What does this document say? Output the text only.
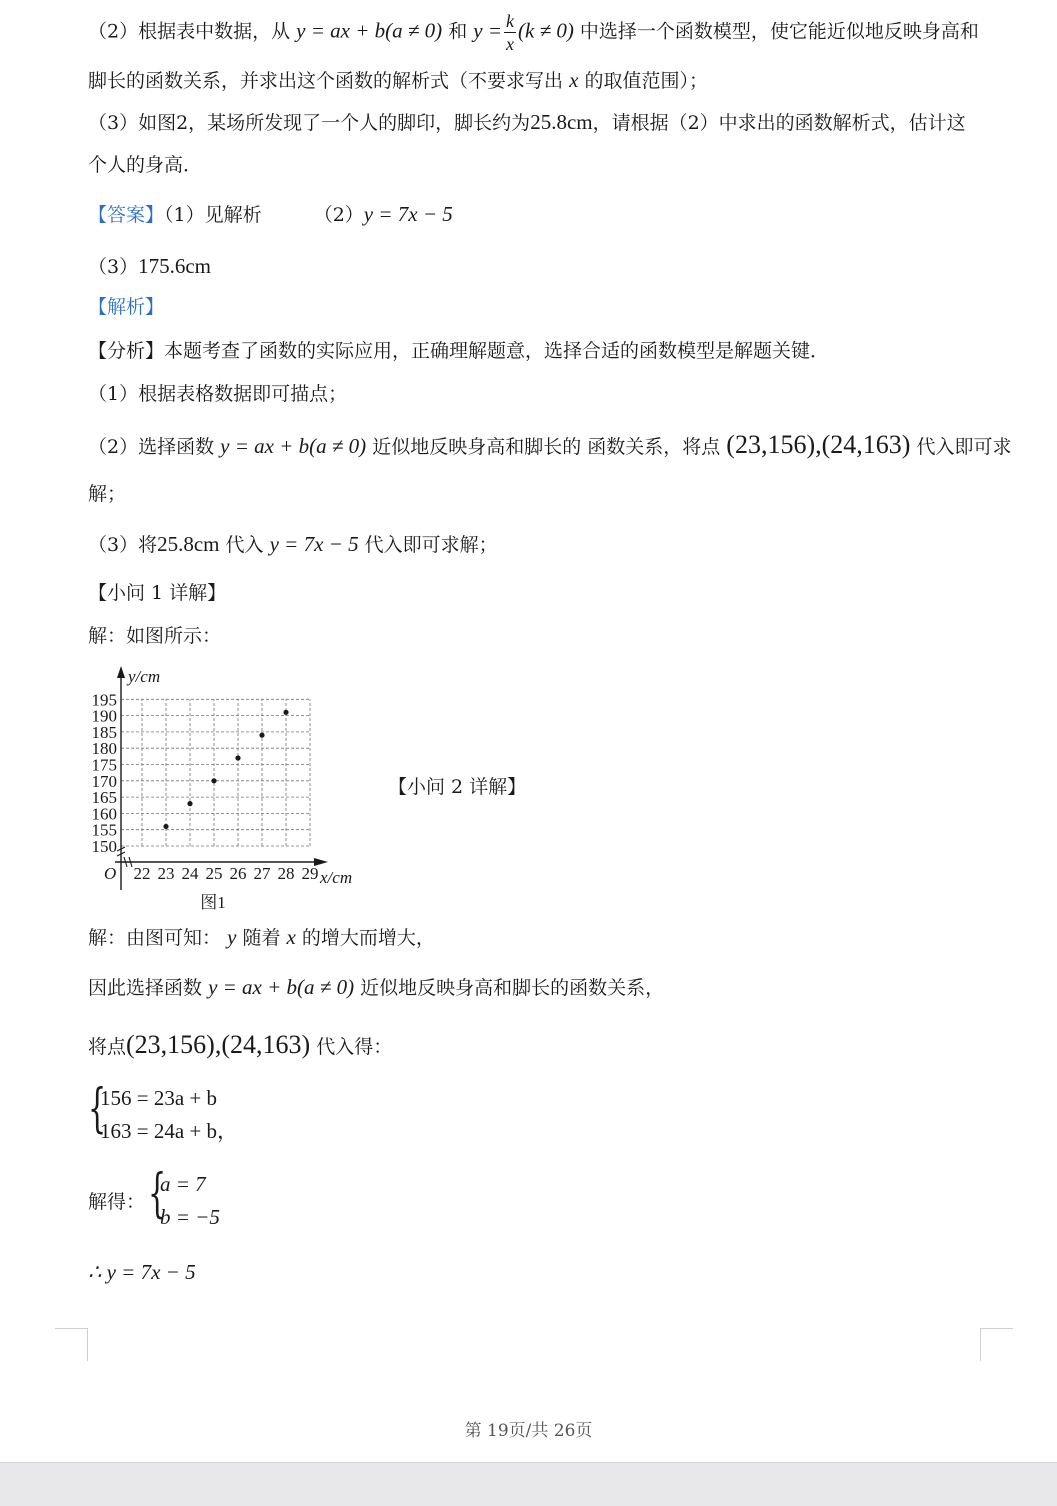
（2）根据表中数据，从 y = ax + b(a ≠ 0) 和 $y = \frac{k}{x} (k \ne 0)$ 中选择一个函数模型，使它能近似地反映身高和
脚长的函数关系，并求出这个函数的解析式（不要求写出 x 的取值范围）；
（3）如图2，某场所发现了一个人的脚印，脚长约为25.8cm，请根据（2）中求出的函数解析式，估计这
个人的身高．
【答案】（1）见解析	（2）y = 7x − 5
（3）175.6cm
【解析】
【分析】本题考查了函数的实际应用，正确理解题意，选择合适的函数模型是解题关键．
（1）根据表格数据即可描点；
（2）选择函数 y = ax + b(a ≠ 0) 近似地反映身高和脚长的 函数关系，将点 (23,156),(24,163) 代入即可求
解；
（3）将25.8cm 代入 y = 7x − 5 代入即可求解；
【小问 1 详解】
解：如图所示：
150
155
160
165
170
175
180
185
190
195
22 23 24 25 26 27 28 29
O
y/cm
x/cm
图1
【小问 2 详解】
解：由图可知： y 随着 x 的增大而增大，
因此选择函数 y = ax + b(a ≠ 0) 近似地反映身高和脚长的函数关系，
将点(23,156),(24,163) 代入得：
{
156 = 23a + b
163 = 24a + b，
解得： {
a = 7
b = −5
∴ y = 7x − 5
第 19页/共 26页
